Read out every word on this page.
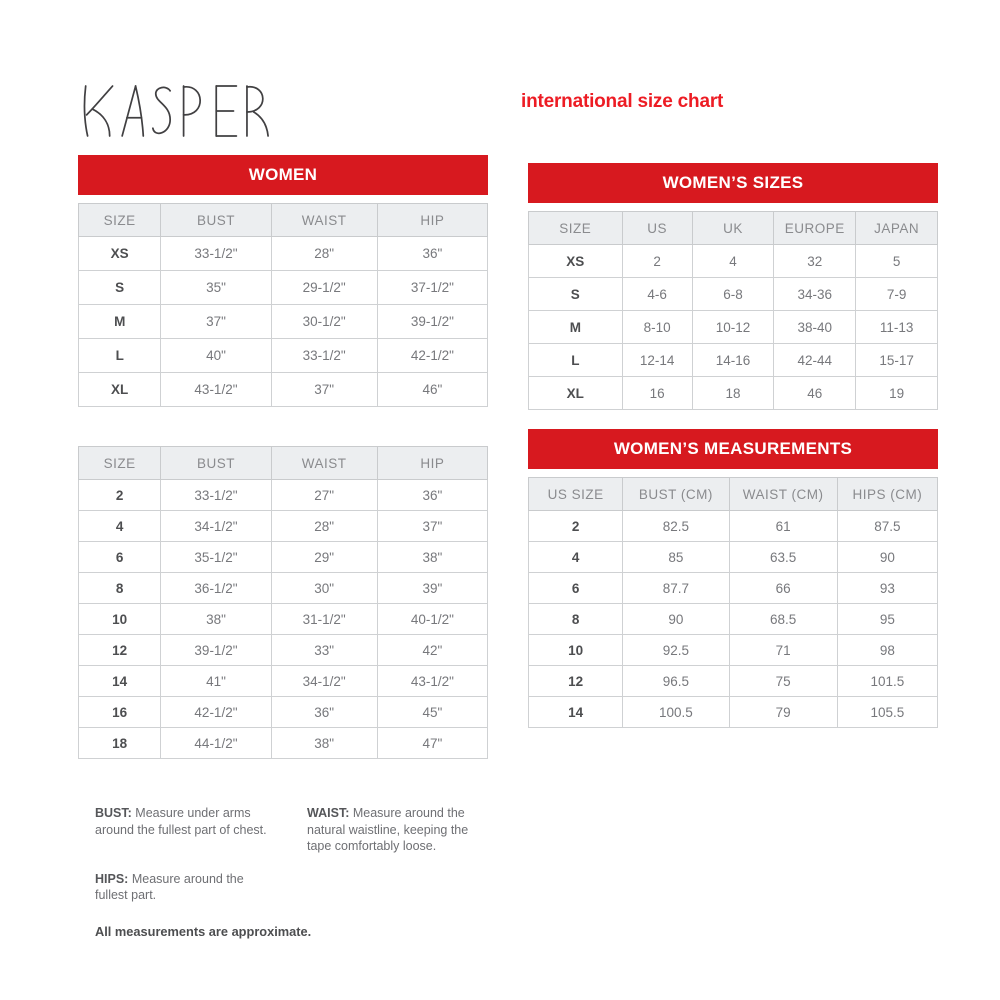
international size chart
WOMEN
SIZE	BUST	WAIST	HIP
XS	33-1/2"	28"	36"
S	35"	29-1/2"	37-1/2"
M	37"	30-1/2"	39-1/2"
L	40"	33-1/2"	42-1/2"
XL	43-1/2"	37"	46"
SIZE	BUST	WAIST	HIP
2	33-1/2"	27"	36"
4	34-1/2"	28"	37"
6	35-1/2"	29"	38"
8	36-1/2"	30"	39"
10	38"	31-1/2"	40-1/2"
12	39-1/2"	33"	42"
14	41"	34-1/2"	43-1/2"
16	42-1/2"	36"	45"
18	44-1/2"	38"	47"

BUST: Measure under arms around the fullest part of chest.

WAIST: Measure around the natural waistline, keeping the tape comfortably loose.

HIPS: Measure around the fullest part.

All measurements are approximate.
WOMEN’S SIZES
SIZE	US	UK	EUROPE	JAPAN
XS	2	4	32	5
S	4-6	6-8	34-36	7-9
M	8-10	10-12	38-40	11-13
L	12-14	14-16	42-44	15-17
XL	16	18	46	19
WOMEN’S MEASUREMENTS
US SIZE	BUST (CM)	WAIST (CM)	HIPS (CM)
2	82.5	61	87.5
4	85	63.5	90
6	87.7	66	93
8	90	68.5	95
10	92.5	71	98
12	96.5	75	101.5
14	100.5	79	105.5
